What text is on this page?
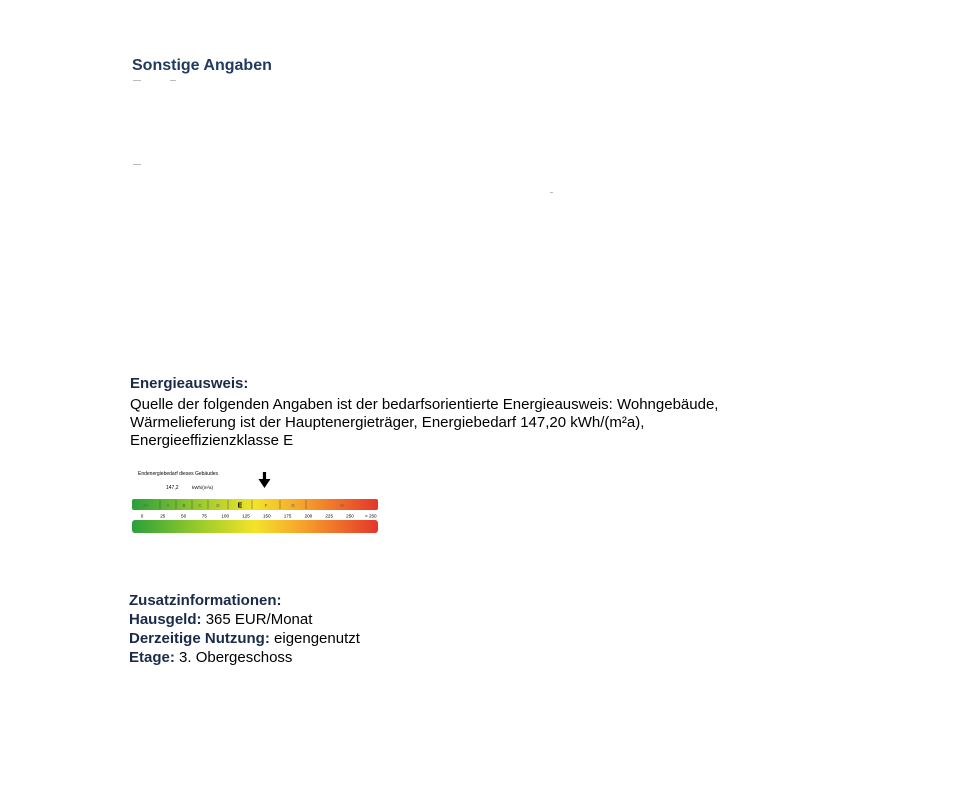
Sonstige Angaben
Energieausweis:
Quelle der folgenden Angaben ist der bedarfsorientierte Energieausweis: Wohngebäude,
Wärmelieferung ist der Hauptenergieträger, Energiebedarf 147,20 kWh/(m²a),
Energieeffizienzklasse E
Endenergiebedarf dieses Gebäudes
147,2	kWh/(m²a)
A+	A	B	C	D	E	F	G	H
0	25	50	75	100	125	150	175	200	225	250 > 250
Zusatzinformationen:
Hausgeld: 365 EUR/Monat
Derzeitige Nutzung: eigengenutzt
Etage: 3. Obergeschoss
